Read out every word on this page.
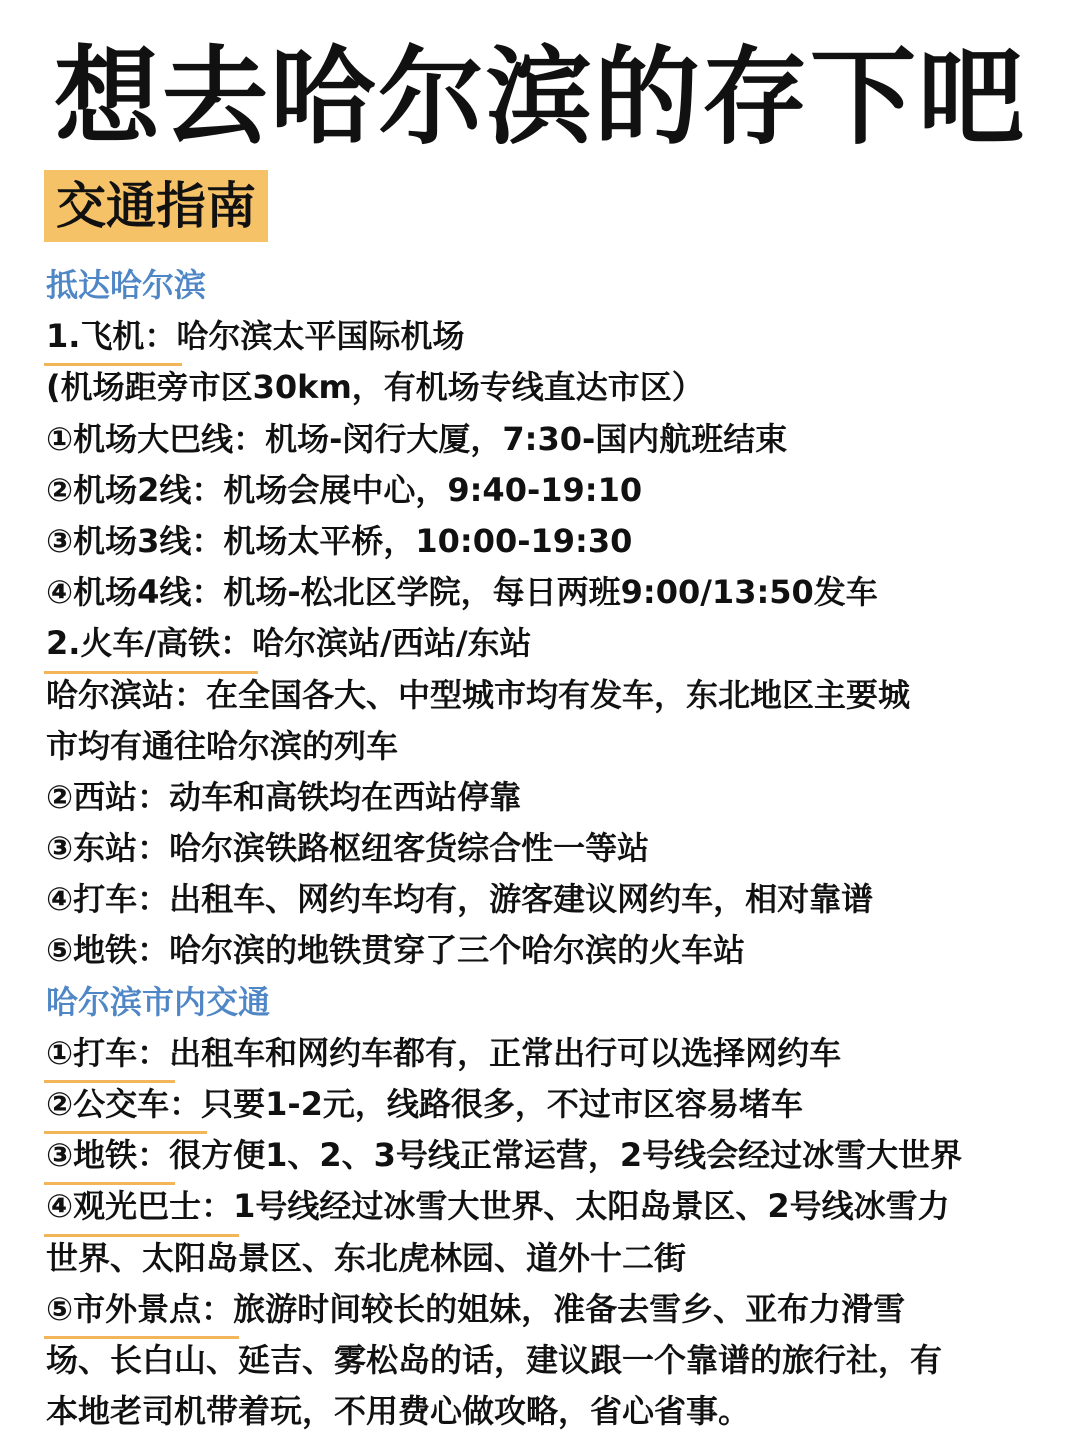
想去哈尔滨的存下吧
交通指南
抵达哈尔滨
1.飞机：哈尔滨太平国际机场
(机场距旁市区30km，有机场专线直达市区）
①机场大巴线：机场-闵行大厦，7:30-国内航班结束
②机场2线：机场会展中心，9:40-19:10
③机场3线：机场太平桥，10:00-19:30
④机场4线：机场-松北区学院，每日两班9:00/13:50发车
2.火车/高铁：哈尔滨站/西站/东站
哈尔滨站：在全国各大、中型城市均有发车，东北地区主要城
市均有通往哈尔滨的列车
②西站：动车和高铁均在西站停靠
③东站：哈尔滨铁路枢纽客货综合性一等站
④打车：出租车、网约车均有，游客建议网约车，相对靠谱
⑤地铁：哈尔滨的地铁贯穿了三个哈尔滨的火车站
哈尔滨市内交通
①打车：出租车和网约车都有，正常出行可以选择网约车
②公交车：只要1-2元，线路很多，不过市区容易堵车
③地铁：很方便1、2、3号线正常运营，2号线会经过冰雪大世界
④观光巴士：1号线经过冰雪大世界、太阳岛景区、2号线冰雪力
世界、太阳岛景区、东北虎林园、道外十二街
⑤市外景点：旅游时间较长的姐妹，准备去雪乡、亚布力滑雪
场、长白山、延吉、雾松岛的话，建议跟一个靠谱的旅行社，有
本地老司机带着玩，不用费心做攻略，省心省事。
